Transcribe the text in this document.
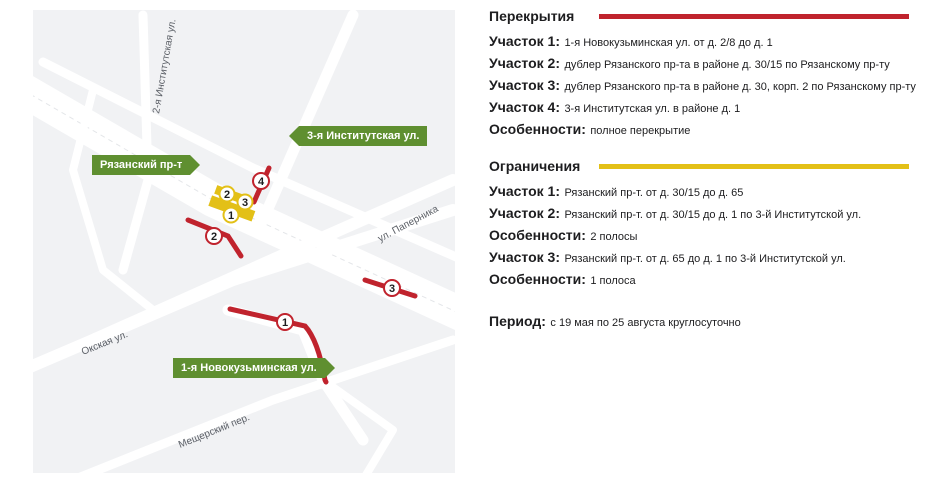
2-я Институтская ул.
ул. Паперника
Окская ул.
Мещерский пер.
1
2
3
4
2
3
1
3-я Институтская ул.
Рязанский пр-т
1-я Новокузьминская ул.
Перекрытия
Участок 1: 1-я Новокузьминская ул. от д. 2/8 до д. 1
Участок 2: дублер Рязанского пр-та в районе д. 30/15 по Рязанскому пр-ту
Участок 3: дублер Рязанского пр-та в районе д. 30, корп. 2 по Рязанскому пр-ту
Участок 4: 3-я Институтская ул. в районе д. 1
Особенности: полное перекрытие
Ограничения
Участок 1: Рязанский пр-т. от д. 30/15 до д. 65
Участок 2: Рязанский пр-т. от д. 30/15 до д. 1 по 3-й Институтской ул.
Особенности: 2 полосы
Участок 3: Рязанский пр-т. от д. 65 до д. 1 по 3-й Институтской ул.
Особенности: 1 полоса
Период: с 19 мая по 25 августа круглосуточно
